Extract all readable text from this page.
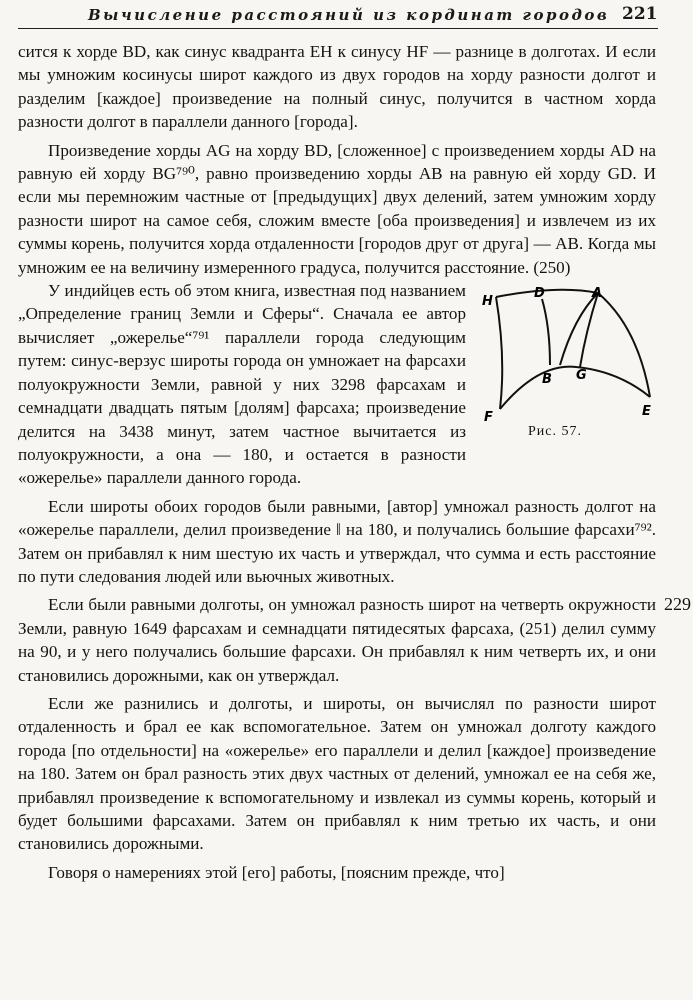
Вычисление расстояний из кординат городов 221
229

сится к хорде BD, как синус квадранта EH к синусу HF — разнице в долготах. И если мы умножим косинусы широт каждого из двух городов на хорду разности долгот и разделим [каждое] произведение на полный синус, получится в частном хорда разности долгот в параллели данного [города].

Произведение хорды AG на хорду BD, [сложенное] с произведением хорды AD на равную ей хорду BG⁷⁹⁰, равно произведению хорды AB на равную ей хорду GD. И если мы перемножим частные от [предыдущих] двух делений, затем умножим хорду разности широт на самое себя, сложим вместе [оба произведения] и извлечем из их суммы корень, получится хорда отдаленности [городов друг от друга] — AB. Когда мы умножим ее на величину измеренного градуса, получится расстояние. (250)

H
D	A
B G
F	E
Рис. 57.

У индийцев есть об этом книга, известная под названием „Определение границ Земли и Сферы“. Сначала ее автор вычисляет „ожерелье“⁷⁹¹ параллели города следующим путем: синус-верзус широты города он умножает на фарсахи полуокружности Земли, равной у них 3298 фарсахам и семнадцати двадцать пятым [долям] фарсаха; произведение делится на 3438 минут, затем частное вычитается из полуокружности, а она — 180, и остается в разности «ожерелье» параллели данного города.

Если широты обоих городов были равными, [автор] умножал разность долгот на «ожерелье параллели, делил произведение ‖ на 180, и получались большие фарсахи⁷⁹². Затем он прибавлял к ним шестую их часть и утверждал, что сумма и есть расстояние по пути следования людей или вьючных животных.

Если были равными долготы, он умножал разность широт на четверть окружности Земли, равную 1649 фарсахам и семнадцати пятидесятых фарсаха, (251) делил сумму на 90, и у него получались большие фарсахи. Он прибавлял к ним четверть их, и они становились дорожными, как он утверждал.

Если же разнились и долготы, и широты, он вычислял по разности широт отдаленность и брал ее как вспомогательное. Затем он умножал долготу каждого города [по отдельности] на «ожерелье» его параллели и делил [каждое] произведение на 180. Затем он брал разность этих двух частных от делений, умножал ее на себя же, прибавлял произведение к вспомогательному и извлекал из суммы корень, который и будет большими фарсахами. Затем он прибавлял к ним третью их часть, и они становились дорожными.

Говоря о намерениях этой [его] работы, [поясним прежде, что]
